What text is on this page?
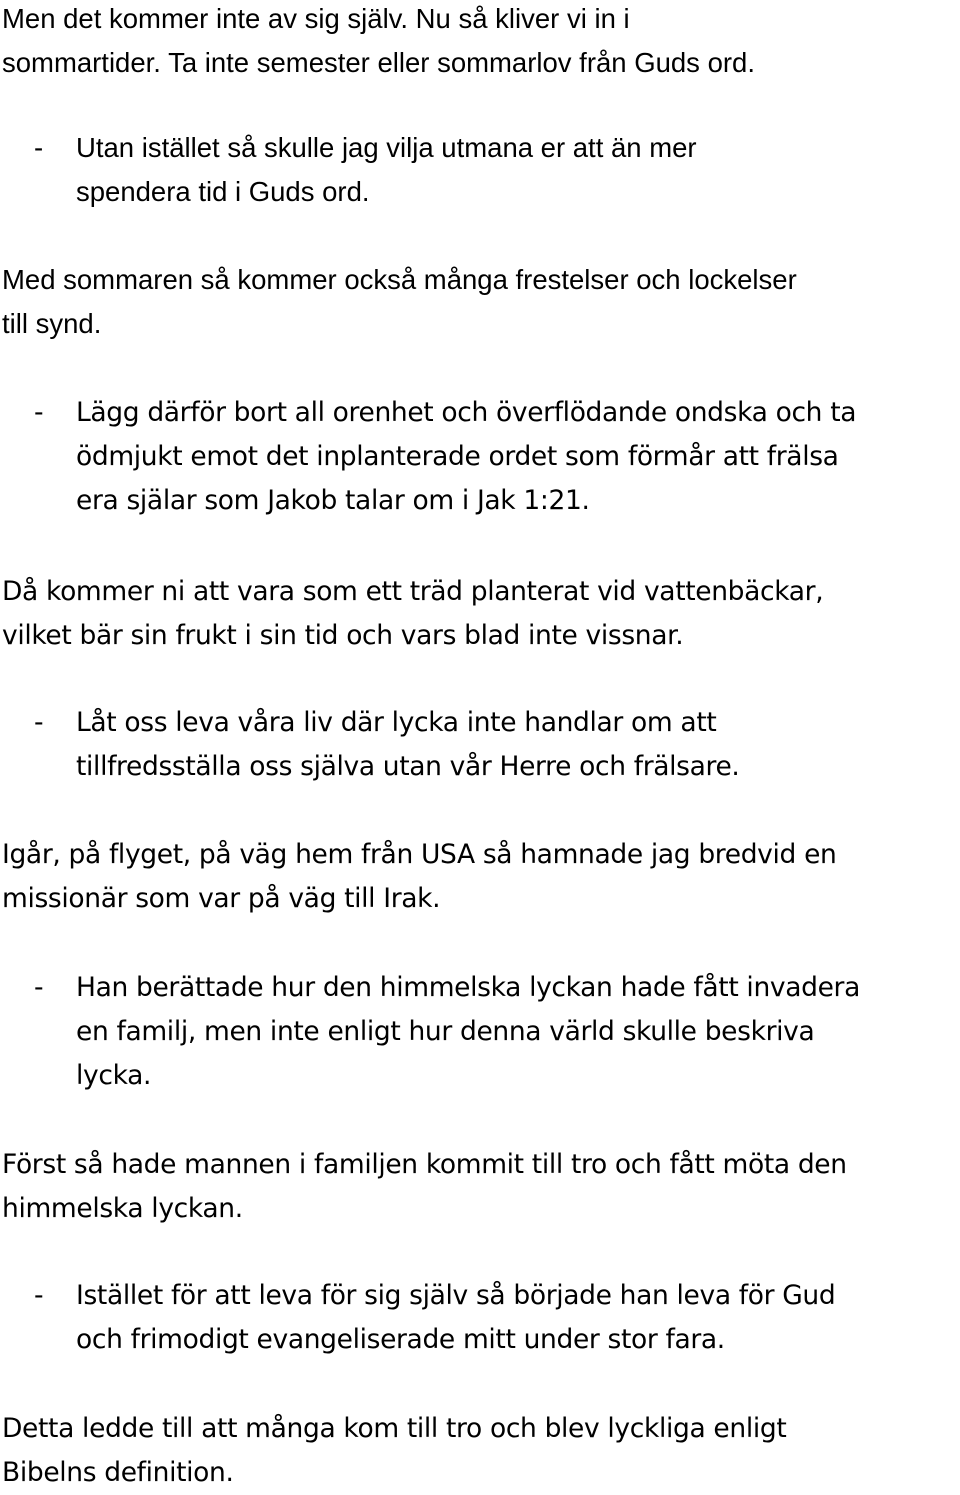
Men det kommer inte av sig själv. Nu så kliver vi in i
sommartider. Ta inte semester eller sommarlov från Guds ord.
- Utan istället så skulle jag vilja utmana er att än mer
spendera tid i Guds ord.
Med sommaren så kommer också många frestelser och lockelser
till synd.
- Lägg därför bort all orenhet och överflödande ondska och ta
ödmjukt emot det inplanterade ordet som förmår att frälsa
era själar som Jakob talar om i Jak 1:21.
Då kommer ni att vara som ett träd planterat vid vattenbäckar,
vilket bär sin frukt i sin tid och vars blad inte vissnar.
- Låt oss leva våra liv där lycka inte handlar om att
tillfredsställa oss själva utan vår Herre och frälsare.
Igår, på flyget, på väg hem från USA så hamnade jag bredvid en
missionär som var på väg till Irak.
- Han berättade hur den himmelska lyckan hade fått invadera
en familj, men inte enligt hur denna värld skulle beskriva
lycka.
Först så hade mannen i familjen kommit till tro och fått möta den
himmelska lyckan.
- Istället för att leva för sig själv så började han leva för Gud
och frimodigt evangeliserade mitt under stor fara.
Detta ledde till att många kom till tro och blev lyckliga enligt
Bibelns definition.
